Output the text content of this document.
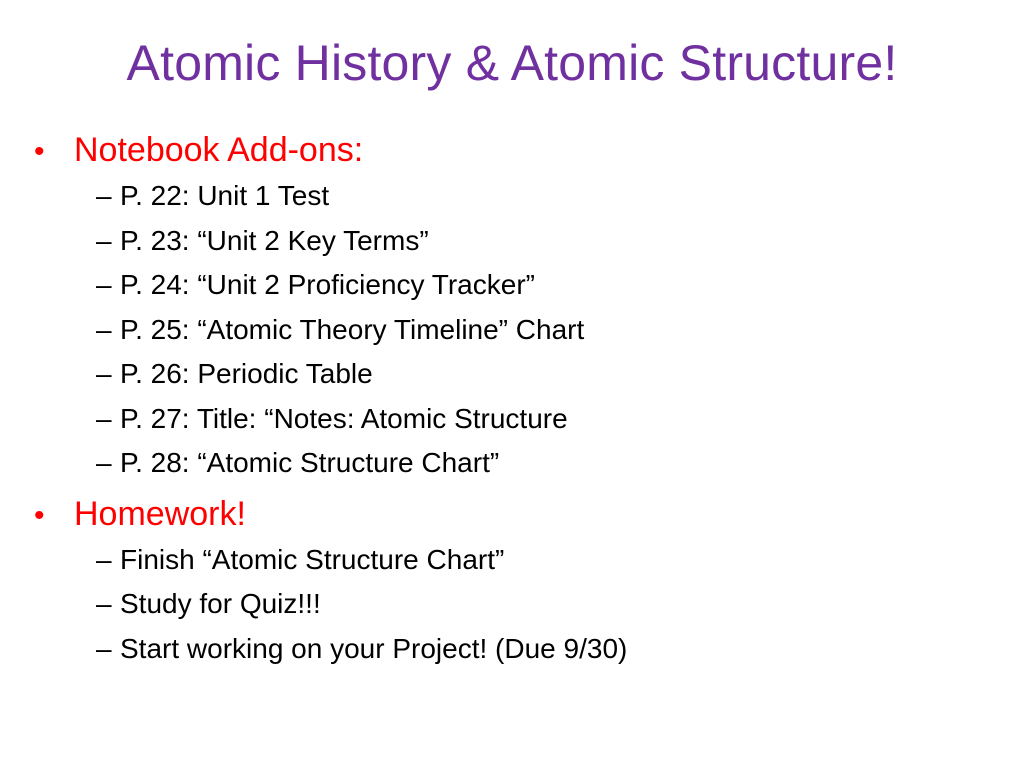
Atomic History & Atomic Structure!
• Notebook Add-ons:
– P. 22: Unit 1 Test
– P. 23: “Unit 2 Key Terms”
– P. 24: “Unit 2 Proficiency Tracker”
– P. 25: “Atomic Theory Timeline” Chart
– P. 26: Periodic Table
– P. 27: Title: “Notes: Atomic Structure
– P. 28: “Atomic Structure Chart”
• Homework!
– Finish “Atomic Structure Chart”
– Study for Quiz!!!
– Start working on your Project! (Due 9/30)
